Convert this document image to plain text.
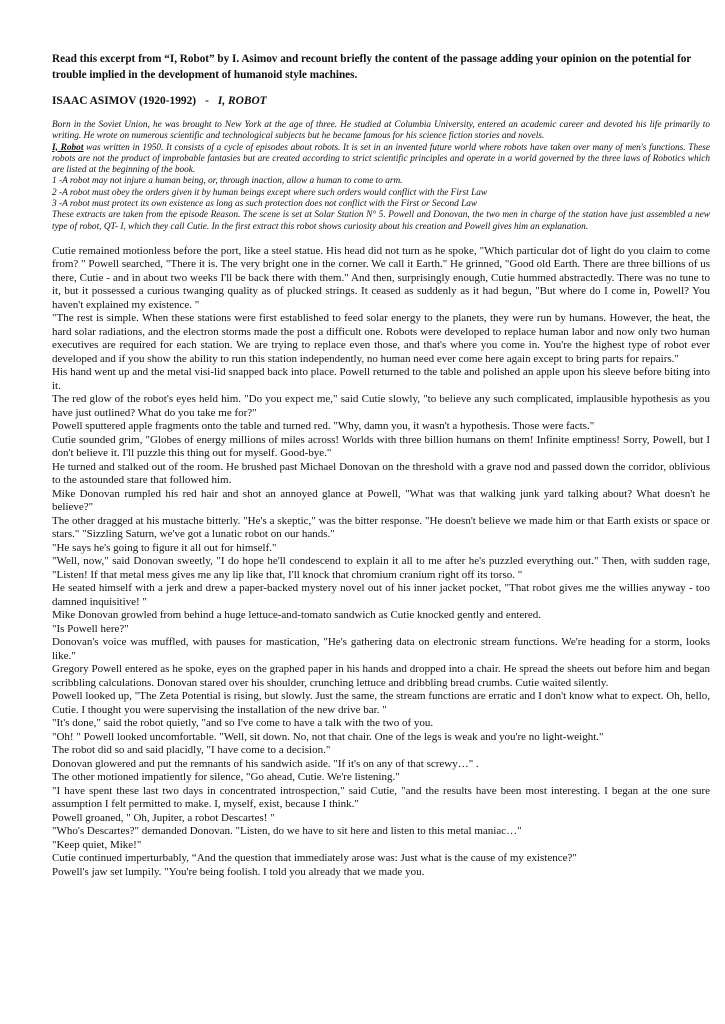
Read this excerpt from “I, Robot” by I. Asimov and recount briefly the content of the passage adding your opinion on the potential for trouble implied in the development of humanoid style machines.

ISAAC ASIMOV (1920-1992) - I, ROBOT

Born in the Soviet Union, he was brought to New York at the age of three. He studied at Columbia University, entered an academic career and devoted his life primarily to writing. He wrote on numerous scientific and technological subjects but he became famous for his science fiction stories and novels.

I, Robot was written in 1950. It consists of a cycle of episodes about robots. It is set in an invented future world where robots have taken over many of men's functions. These robots are not the product of improbable fantasies but are created according to strict scientific principles and operate in a world governed by the three laws of Robotics which are listed at the beginning of the book.

1 -A robot may not injure a human being, or, through inaction, allow a human to come to arm.

2 -A robot must obey the orders given it by human beings except where such orders would conflict with the First Law

3 -A robot must protect its own existence as long as such protection does not conflict with the First or Second Law

These extracts are taken from the episode Reason. The scene is set at Solar Station N° 5. Powell and Donovan, the two men in charge of the station have just assembled a new type of robot, QT- I, which they call Cutie. In the first extract this robot shows curiosity about his creation and Powell gives him an explanation.

Cutie remained motionless before the port, like a steel statue. His head did not turn as he spoke, "Which particular dot of light do you claim to come from? " Powell searched, "There it is. The very bright one in the corner. We call it Earth." He grinned, "Good old Earth. There are three billions of us there, Cutie - and in about two weeks I'll be back there with them." And then, surprisingly enough, Cutie hummed abstractedly. There was no tune to it, but it possessed a curious twanging quality as of plucked strings. It ceased as suddenly as it had begun, "But where do I come in, Powell? You haven't explained my existence. "

"The rest is simple. When these stations were first established to feed solar energy to the planets, they were run by humans. However, the heat, the hard solar radiations, and the electron storms made the post a difficult one. Robots were developed to replace human labor and now only two human executives are required for each station. We are trying to replace even those, and that's where you come in. You're the highest type of robot ever developed and if you show the ability to run this station independently, no human need ever come here again except to bring parts for repairs."

His hand went up and the metal visi-lid snapped back into place. Powell returned to the table and polished an apple upon his sleeve before biting into it.

The red glow of the robot's eyes held him. "Do you expect me," said Cutie slowly, "to believe any such complicated, implausible hypothesis as you have just outlined? What do you take me for?"

Powell sputtered apple fragments onto the table and turned red. "Why, damn you, it wasn't a hypothesis. Those were facts."

Cutie sounded grim, "Globes of energy millions of miles across! Worlds with three billion humans on them! Infinite emptiness! Sorry, Powell, but I don't believe it. I'll puzzle this thing out for myself. Good-bye."

He turned and stalked out of the room. He brushed past Michael Donovan on the threshold with a grave nod and passed down the corridor, oblivious to the astounded stare that followed him.

Mike Donovan rumpled his red hair and shot an annoyed glance at Powell, "What was that walking junk yard talking about? What doesn't he believe?"

The other dragged at his mustache bitterly. "He's a skeptic," was the bitter response. "He doesn't believe we made him or that Earth exists or space or stars." "Sizzling Saturn, we've got a lunatic robot on our hands."

"He says he's going to figure it all out for himself."

"Well, now," said Donovan sweetly, "I do hope he'll condescend to explain it all to me after he's puzzled everything out." Then, with sudden rage, "Listen! If that metal mess gives me any lip like that, I'll knock that chromium cranium right off its torso. "

He seated himself with a jerk and drew a paper-backed mystery novel out of his inner jacket pocket, "That robot gives me the willies anyway - too damned inquisitive! "

Mike Donovan growled from behind a huge lettuce-and-tomato sandwich as Cutie knocked gently and entered.

"Is Powell here?"

Donovan's voice was muffled, with pauses for mastication, "He's gathering data on electronic stream functions. We're heading for a storm, looks like."

Gregory Powell entered as he spoke, eyes on the graphed paper in his hands and dropped into a chair. He spread the sheets out before him and began scribbling calculations. Donovan stared over his shoulder, crunching lettuce and dribbling bread crumbs. Cutie waited silently.

Powell looked up, "The Zeta Potential is rising, but slowly. Just the same, the stream functions are erratic and I don't know what to expect. Oh, hello, Cutie. I thought you were supervising the installation of the new drive bar. "

"It's done," said the robot quietly, "and so I've come to have a talk with the two of you.

"Oh! " Powell looked uncomfortable. "Well, sit down. No, not that chair. One of the legs is weak and you're no light-weight."

The robot did so and said placidly, "I have come to a decision."

Donovan glowered and put the remnants of his sandwich aside. "If it's on any of that screwy…" .

The other motioned impatiently for silence, "Go ahead, Cutie. We're listening."

"I have spent these last two days in concentrated introspection," said Cutie, "and the results have been most interesting. I began at the one sure assumption I felt permitted to make. I, myself, exist, because I think."

Powell groaned, " Oh, Jupiter, a robot Descartes! "

"Who's Descartes?" demanded Donovan. "Listen, do we have to sit here and listen to this metal maniac…"

"Keep quiet, Mike!"

Cutie continued imperturbably, “And the question that immediately arose was: Just what is the cause of my existence?"

Powell's jaw set lumpily. "You're being foolish. I told you already that we made you.
